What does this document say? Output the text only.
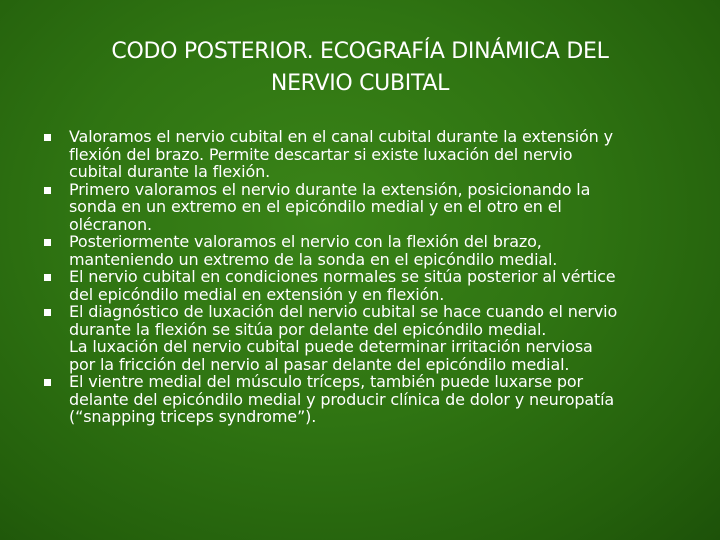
CODO POSTERIOR. ECOGRAFÍA DINÁMICA DEL
NERVIO CUBITAL
Valoramos el nervio cubital en el canal cubital durante la extensión y
flexión del brazo. Permite descartar si existe luxación del nervio
cubital durante la flexión.
Primero valoramos el nervio durante la extensión, posicionando la
sonda en un extremo en el epicóndilo medial y en el otro en el
olécranon.
Posteriormente valoramos el nervio con la flexión del brazo,
manteniendo un extremo de la sonda en el epicóndilo medial.
El nervio cubital en condiciones normales se sitúa posterior al vértice
del epicóndilo medial en extensión y en flexión.
El diagnóstico de luxación del nervio cubital se hace cuando el nervio
durante la flexión se sitúa por delante del epicóndilo medial.
La luxación del nervio cubital puede determinar irritación nerviosa
por la fricción del nervio al pasar delante del epicóndilo medial.
El vientre medial del músculo tríceps, también puede luxarse por
delante del epicóndilo medial y producir clínica de dolor y neuropatía
(“snapping triceps syndrome”).
